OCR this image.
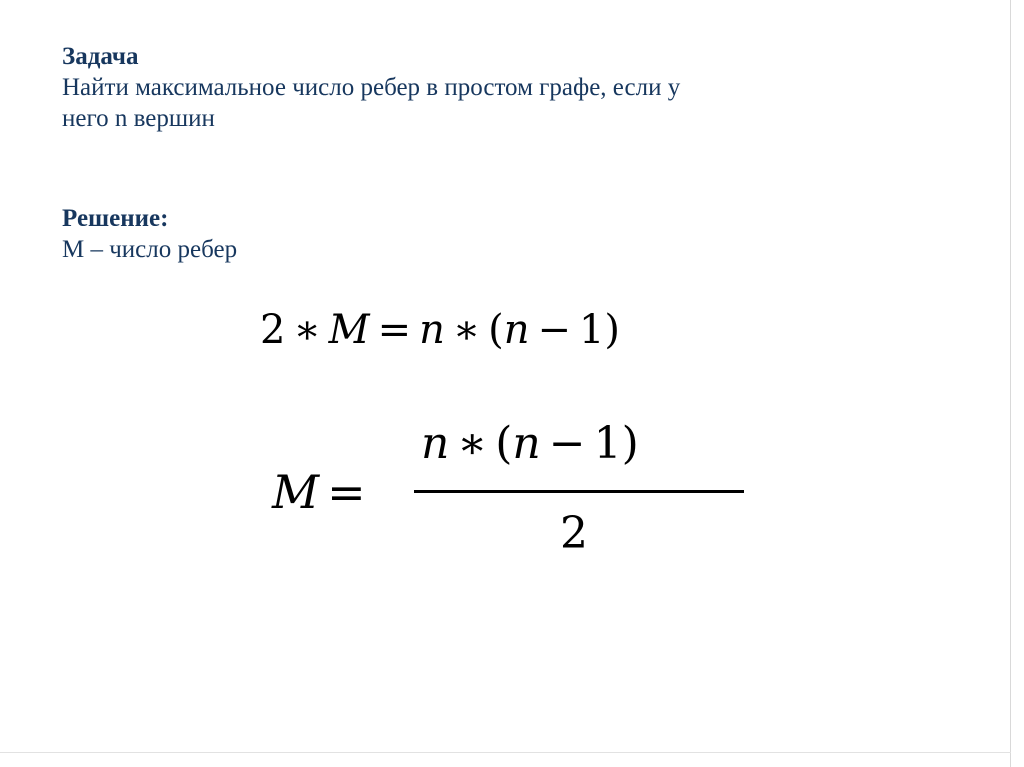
Задача
Найти максимальное число ребер в простом графе, если у
него n вершин
Решение:
M – число ребер
2 ∗ M = n ∗ (n − 1)
M =
n ∗ (n − 1)
2
